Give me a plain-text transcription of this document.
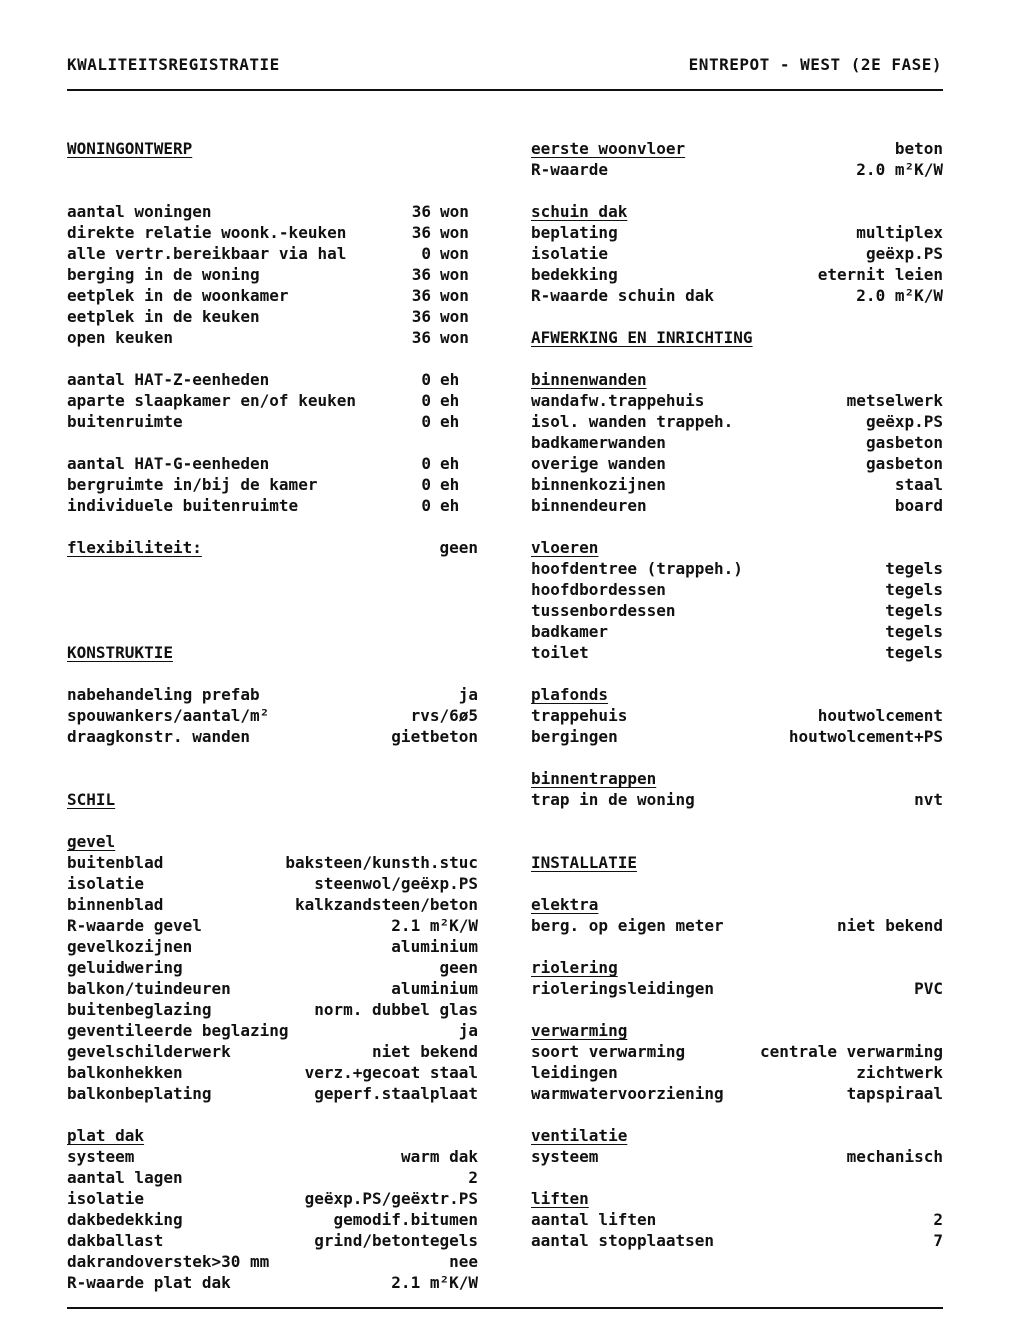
KWALITEITSREGISTRATIE	ENTREPOT - WEST (2E FASE)
WONINGONTWERP
aantal woningen	36 won
direkte relatie woonk.-keuken	36 won
alle vertr.bereikbaar via hal	0 won
berging in de woning	36 won
eetplek in de woonkamer	36 won
eetplek in de keuken	36 won
open keuken	36 won
aantal HAT-Z-eenheden	0 eh
aparte slaapkamer en/of keuken	0 eh
buitenruimte	0 eh
aantal HAT-G-eenheden	0 eh
bergruimte in/bij de kamer	0 eh
individuele buitenruimte	0 eh
flexibiliteit:	geen
KONSTRUKTIE
nabehandeling prefab	ja
spouwankers/aantal/m²	rvs/6ø5
draagkonstr. wanden	gietbeton
SCHIL
gevel
buitenblad	baksteen/kunsth.stuc
isolatie	steenwol/geëxp.PS
binnenblad	kalkzandsteen/beton
R-waarde gevel	2.1 m²K/W
gevelkozijnen	aluminium
geluidwering	geen
balkon/tuindeuren	aluminium
buitenbeglazing	norm. dubbel glas
geventileerde beglazing	ja
gevelschilderwerk	niet bekend
balkonhekken	verz.+gecoat staal
balkonbeplating	geperf.staalplaat
plat dak
systeem	warm dak
aantal lagen	2
isolatie	geëxp.PS/geëxtr.PS
dakbedekking	gemodif.bitumen
dakballast	grind/betontegels
dakrandoverstek>30 mm	nee
R-waarde plat dak	2.1 m²K/W
eerste woonvloer	beton
R-waarde	2.0 m²K/W
schuin dak
beplating	multiplex
isolatie	geëxp.PS
bedekking	eternit leien
R-waarde schuin dak	2.0 m²K/W
AFWERKING EN INRICHTING
binnenwanden
wandafw.trappehuis	metselwerk
isol. wanden trappeh.	geëxp.PS
badkamerwanden	gasbeton
overige wanden	gasbeton
binnenkozijnen	staal
binnendeuren	board
vloeren
hoofdentree (trappeh.)	tegels
hoofdbordessen	tegels
tussenbordessen	tegels
badkamer	tegels
toilet	tegels
plafonds
trappehuis	houtwolcement
bergingen	houtwolcement+PS
binnentrappen
trap in de woning	nvt
INSTALLATIE
elektra
berg. op eigen meter	niet bekend
riolering
rioleringsleidingen	PVC
verwarming
soort verwarming	centrale verwarming
leidingen	zichtwerk
warmwatervoorziening	tapspiraal
ventilatie
systeem	mechanisch
liften
aantal liften	2
aantal stopplaatsen	7
